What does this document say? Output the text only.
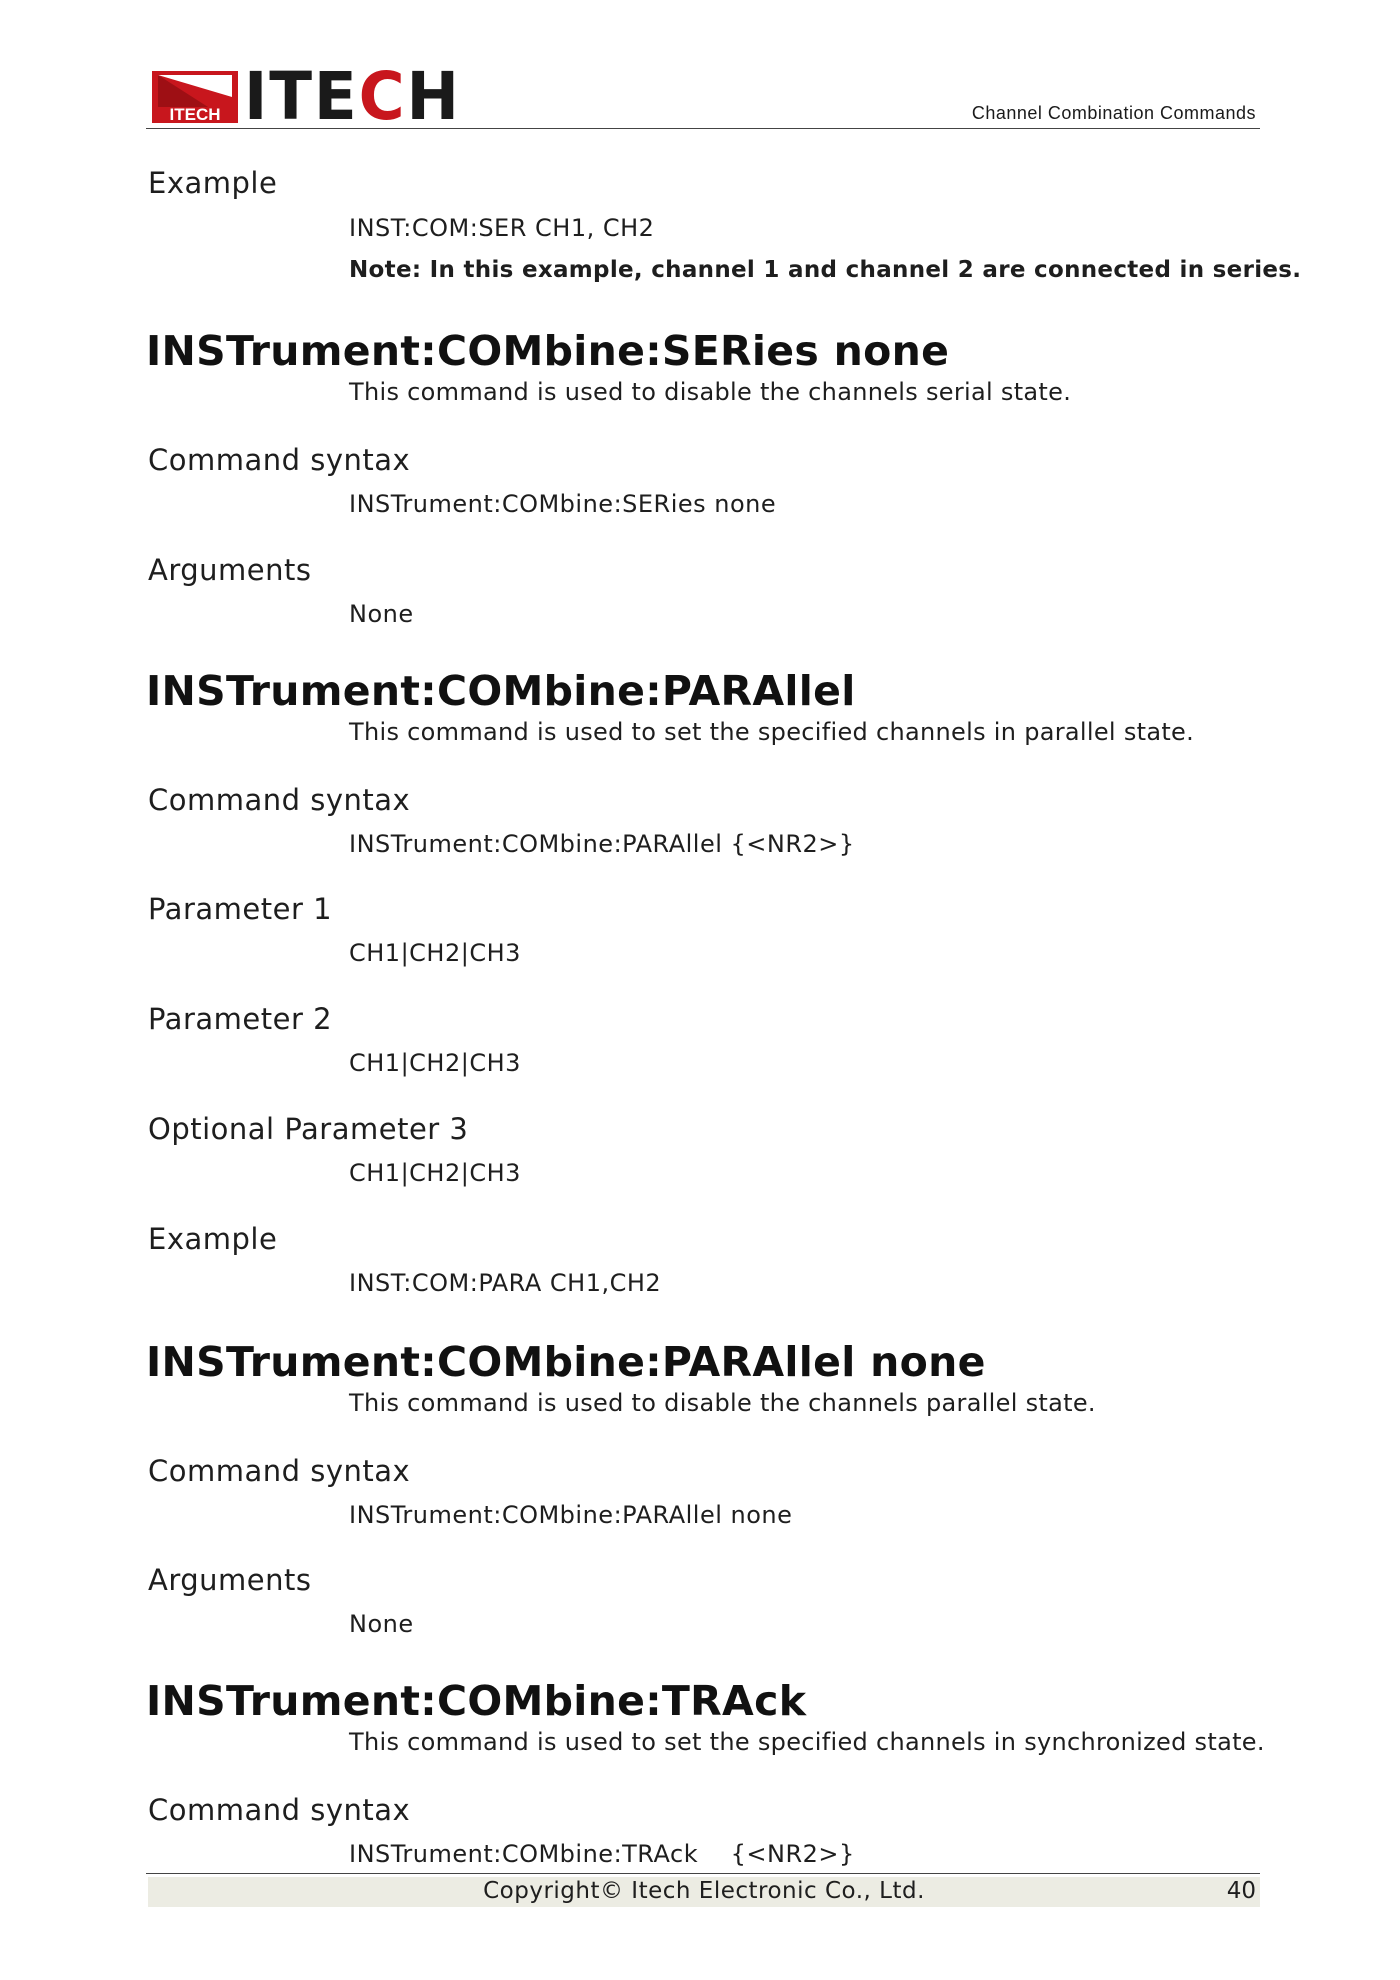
ITECH ITECH	Channel Combination Commands
Example
INST:COM:SER CH1, CH2
Note: In this example, channel 1 and channel 2 are connected in series.
INSTrument:COMbine:SERies none
This command is used to disable the channels serial state.
Command syntax
INSTrument:COMbine:SERies none
Arguments
None
INSTrument:COMbine:PARAllel
This command is used to set the specified channels in parallel state.
Command syntax
INSTrument:COMbine:PARAllel {<NR2>}
Parameter 1
CH1|CH2|CH3
Parameter 2
CH1|CH2|CH3
Optional Parameter 3
CH1|CH2|CH3
Example
INST:COM:PARA CH1,CH2
INSTrument:COMbine:PARAllel none
This command is used to disable the channels parallel state.
Command syntax
INSTrument:COMbine:PARAllel none
Arguments
None
INSTrument:COMbine:TRAck
This command is used to set the specified channels in synchronized state.
Command syntax
INSTrument:COMbine:TRAck    {<NR2>}
Copyright© Itech Electronic Co., Ltd.	40
